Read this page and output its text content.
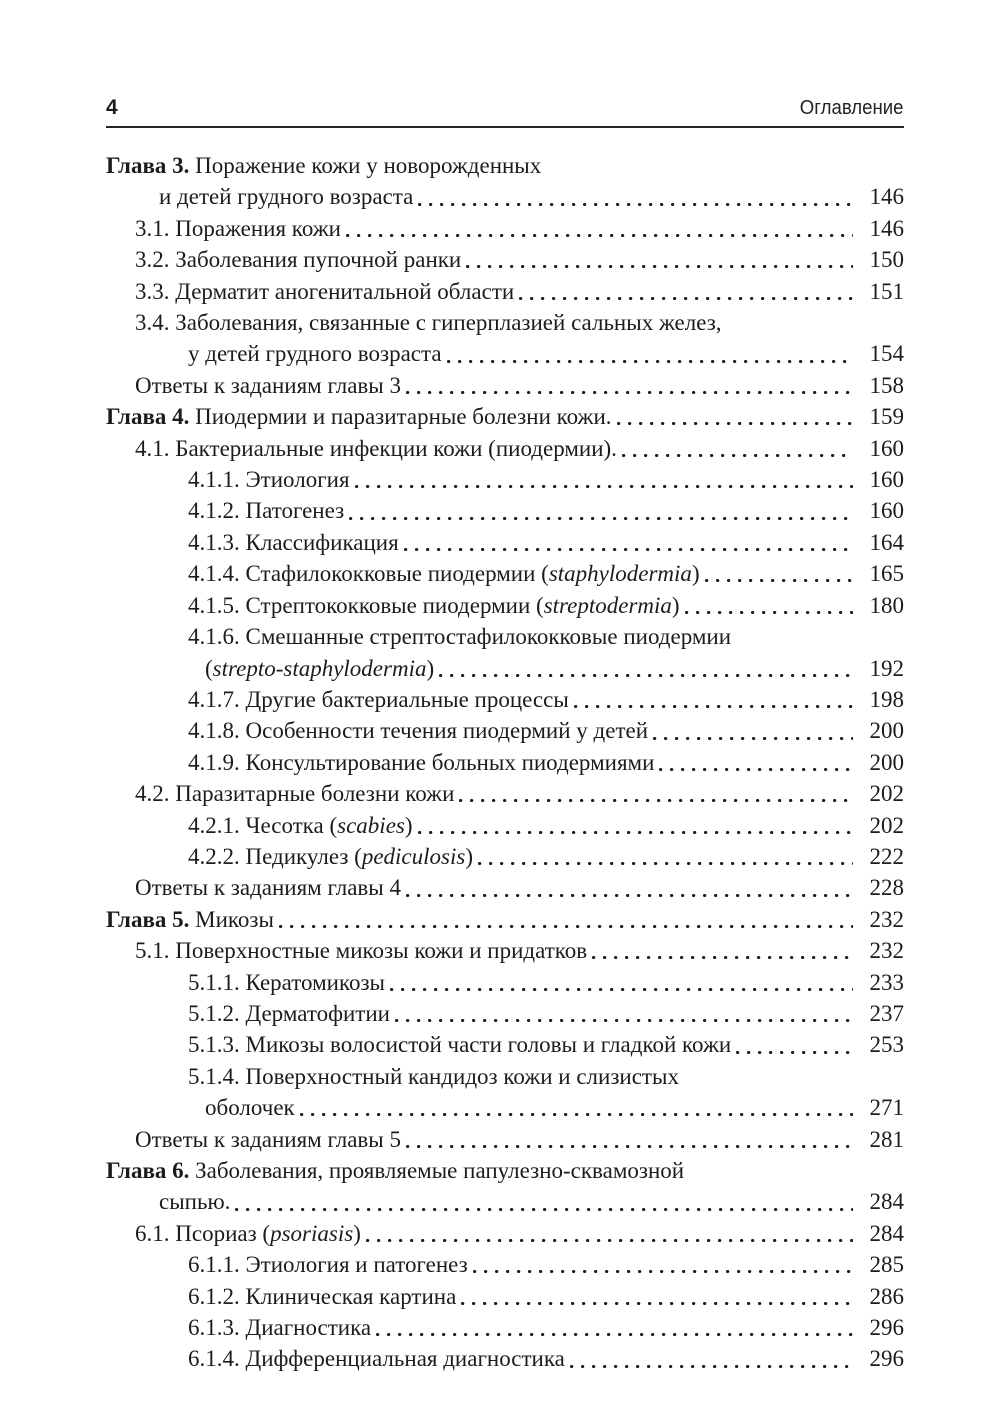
4	Оглавление
Глава 3. Поражение кожи у новорожденных
и детей грудного возраста	146
3.1. Поражения кожи	146
3.2. Заболевания пупочной ранки	150
3.3. Дерматит аногенитальной области	151
3.4. Заболевания, связанные с гиперплазией сальных желез,
у детей грудного возраста	154
Ответы к заданиям главы 3	158
Глава 4. Пиодермии и паразитарные болезни кожи.	159
4.1. Бактериальные инфекции кожи (пиодермии).	160
4.1.1. Этиология	160
4.1.2. Патогенез	160
4.1.3. Классификация	164
4.1.4. Стафилококковые пиодермии (staphylodermia)	165
4.1.5. Стрептококковые пиодермии (streptodermia)	180
4.1.6. Смешанные стрептостафилококковые пиодермии
(strepto-staphylodermia)	192
4.1.7. Другие бактериальные процессы	198
4.1.8. Особенности течения пиодермий у детей	200
4.1.9. Консультирование больных пиодермиями	200
4.2. Паразитарные болезни кожи	202
4.2.1. Чесотка (scabies)	202
4.2.2. Педикулез (pediculosis)	222
Ответы к заданиям главы 4	228
Глава 5. Микозы	232
5.1. Поверхностные микозы кожи и придатков	232
5.1.1. Кератомикозы	233
5.1.2. Дерматофитии	237
5.1.3. Микозы волосистой части головы и гладкой кожи	253
5.1.4. Поверхностный кандидоз кожи и слизистых
оболочек	271
Ответы к заданиям главы 5	281
Глава 6. Заболевания, проявляемые папулезно-сквамозной
сыпью.	284
6.1. Псориаз (psoriasis)	284
6.1.1. Этиология и патогенез	285
6.1.2. Клиническая картина	286
6.1.3. Диагностика	296
6.1.4. Дифференциальная диагностика	296
